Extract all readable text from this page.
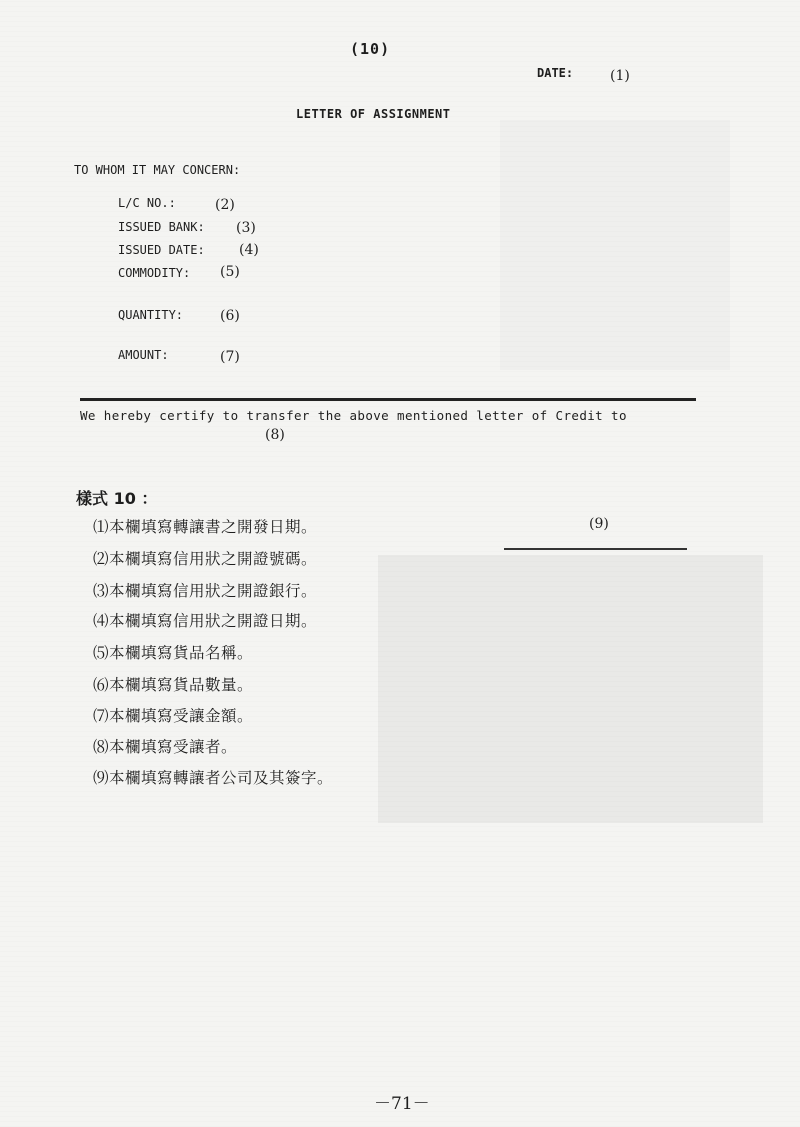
(10)
DATE:	(1)
LETTER OF ASSIGNMENT
TO WHOM IT MAY CONCERN:
L/C NO.:	(2)
ISSUED BANK: (3)
ISSUED DATE: (4)
COMMODITY: (5)
QUANTITY:	(6)
AMOUNT:	(7)
We hereby certify to transfer the above mentioned letter of Credit to
(8)
(9)
樣式 10 ：
⑴本欄填寫轉讓書之開發日期。
⑵本欄填寫信用狀之開證號碼。
⑶本欄填寫信用狀之開證銀行。
⑷本欄填寫信用狀之開證日期。
⑸本欄填寫貨品名稱。
⑹本欄填寫貨品數量。
⑺本欄填寫受讓金額。
⑻本欄填寫受讓者。
⑼本欄填寫轉讓者公司及其簽字。
－71－
